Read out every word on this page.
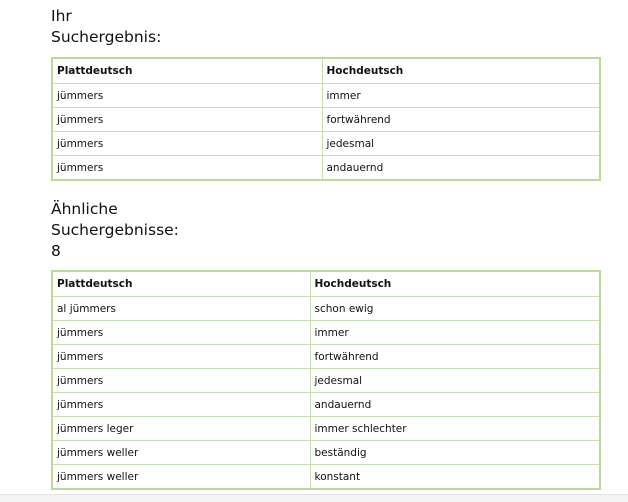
Ihr
Suchergebnis:
Plattdeutsch	Hochdeutsch
jümmers	immer
jümmers	fortwährend
jümmers	jedesmal
jümmers	andauernd
Ähnliche
Suchergebnisse:
8
Plattdeutsch	Hochdeutsch
al jümmers	schon ewig
jümmers	immer
jümmers	fortwährend
jümmers	jedesmal
jümmers	andauernd
jümmers leger	immer schlechter
jümmers weller	beständig
jümmers weller	konstant
